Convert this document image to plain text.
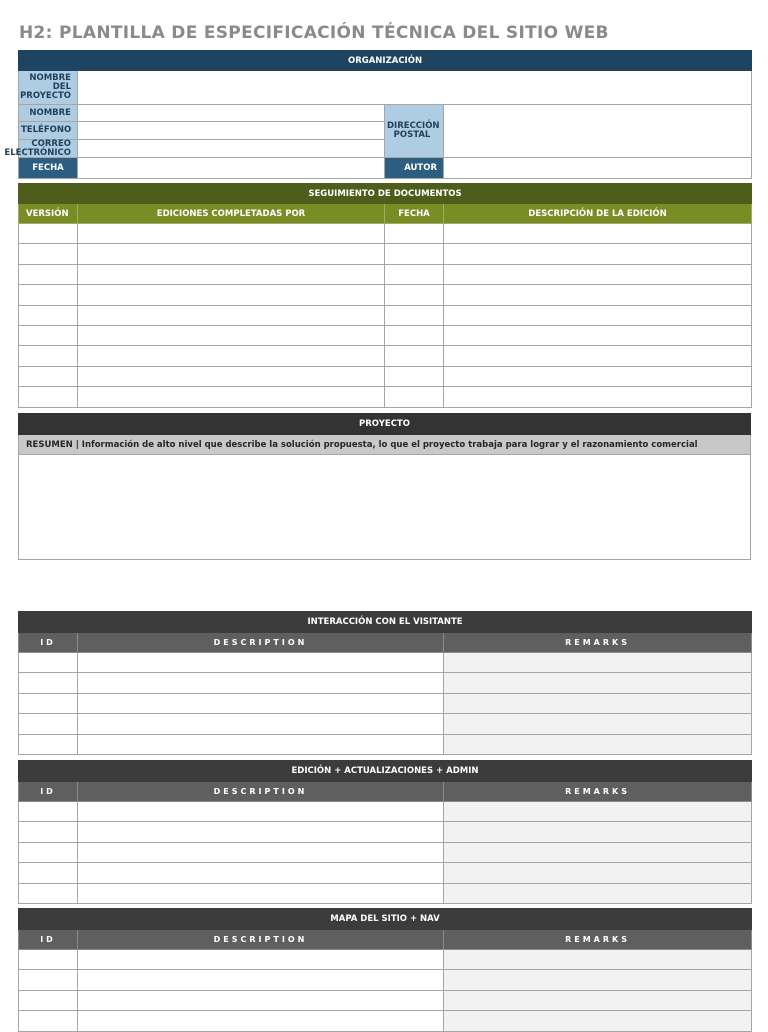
H2: PLANTILLA DE ESPECIFICACIÓN TÉCNICA DEL SITIO WEB
ORGANIZACIÓN			

NOMBRE DEL PROYECTO			

NOMBRE		DIRECCIÓN POSTAL	
TELÉFONO			

CORREO ELECTRÓNICO			

FECHA		AUTOR	
SEGUIMIENTO DE DOCUMENTOS			
VERSIÓN	EDICIONES COMPLETADAS POR	FECHA	DESCRIPCIÓN DE LA EDICIÓN

PROYECTO
RESUMEN | Información de alto nivel que describe la solución propuesta, lo que el proyecto trabaja para lograr y el razonamiento comercial

INTERACCIÓN CON EL VISITANTE		
ID	DESCRIPTION	REMARKS

EDICIÓN + ACTUALIZACIONES + ADMIN		
ID	DESCRIPTION	REMARKS

MAPA DEL SITIO + NAV		
ID	DESCRIPTION	REMARKS
